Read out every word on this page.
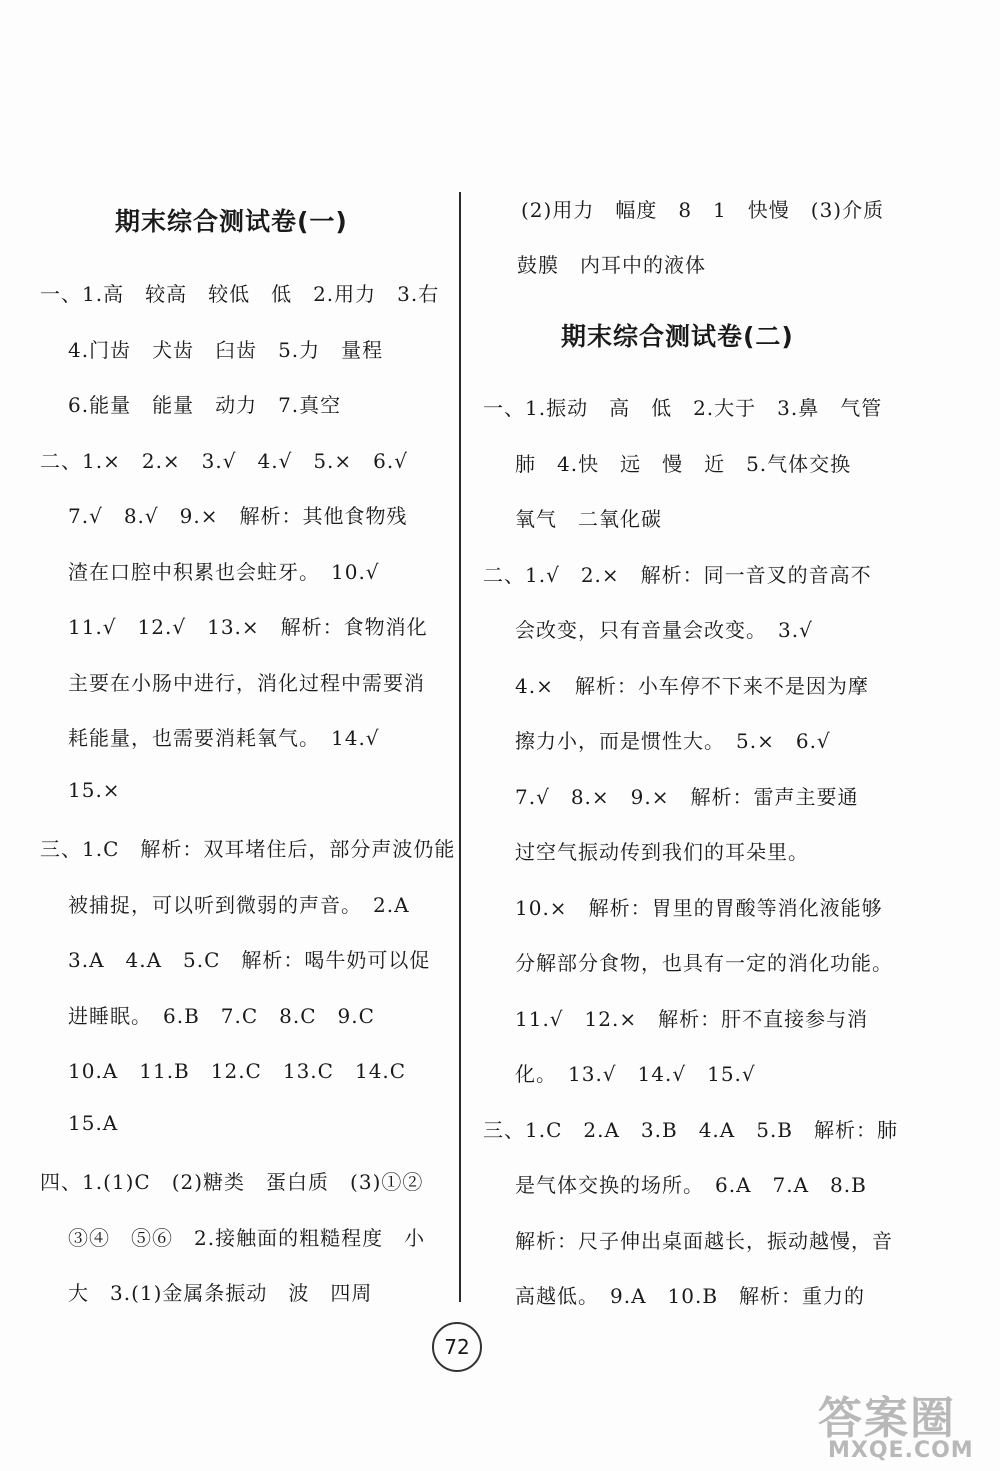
期末综合测试卷(一)
一、1.高　较高　较低　低　2.用力　3.右
4.门齿　犬齿　臼齿　5.力　量程
6.能量　能量　动力　7.真空
二、1.×　2.×　3.√　4.√　5.×　6.√
7.√　8.√　9.×　解析：其他食物残
渣在口腔中积累也会蛀牙。　10.√
11.√　12.√　13.×　解析：食物消化
主要在小肠中进行，消化过程中需要消
耗能量，也需要消耗氧气。　14.√
15.×
三、1.C　解析：双耳堵住后，部分声波仍能
被捕捉，可以听到微弱的声音。　2.A
3.A　4.A　5.C　解析：喝牛奶可以促
进睡眠。　6.B　7.C　8.C　9.C
10.A　11.B　12.C　13.C　14.C
15.A
四、1.(1)C　(2)糖类　蛋白质　(3)①②
③④　⑤⑥　2.接触面的粗糙程度　小
大　3.(1)金属条振动　波　四周
(2)用力　幅度　8　1　快慢　(3)介质
鼓膜　内耳中的液体
期末综合测试卷(二)
一、1.振动　高　低　2.大于　3.鼻　气管
肺　4.快　远　慢　近　5.气体交换
氧气　二氧化碳
二、1.√　2.×　解析：同一音叉的音高不
会改变，只有音量会改变。　3.√
4.×　解析：小车停不下来不是因为摩
擦力小，而是惯性大。　5.×　6.√
7.√　8.×　9.×　解析：雷声主要通
过空气振动传到我们的耳朵里。
10.×　解析：胃里的胃酸等消化液能够
分解部分食物，也具有一定的消化功能。
11.√　12.×　解析：肝不直接参与消
化。　13.√　14.√　15.√
三、1.C　2.A　3.B　4.A　5.B　解析：肺
是气体交换的场所。　6.A　7.A　8.B
解析：尺子伸出桌面越长，振动越慢，音
高越低。　9.A　10.B　解析：重力的
72
答案圈
MXQE.COM
